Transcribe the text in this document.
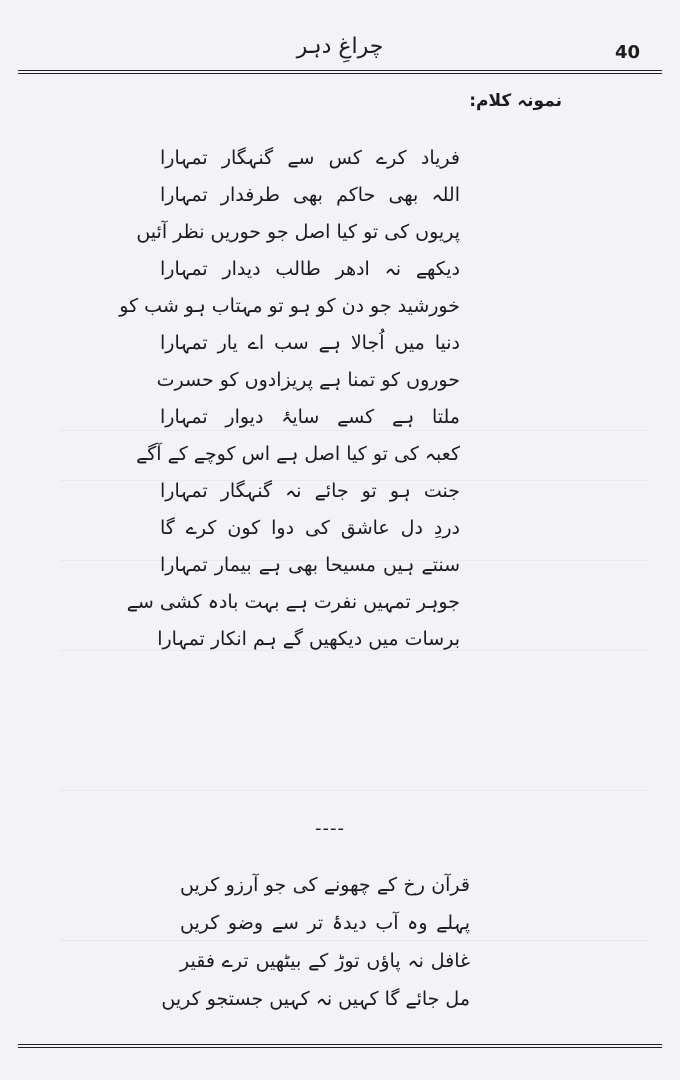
چراغِ دہر	40
نمونہ کلام:
فریاد کرے کس سے گنہگار تمہارا
اللہ بھی حاکم بھی طرفدار تمہارا
پریوں کی تو کیا اصل جو حوریں نظر آئیں
دیکھے نہ ادھر طالب دیدار تمہارا
خورشید جو دن کو ہو تو مہتاب ہو شب کو
دنیا میں اُجالا ہے سب اے یار تمہارا
حوروں کو تمنا ہے پریزادوں کو حسرت
ملتا ہے کسے سایۂ دیوار تمہارا
کعبہ کی تو کیا اصل ہے اس کوچے کے آگے
جنت ہو تو جائے نہ گنہگار تمہارا
دردِ دل عاشق کی دوا کون کرے گا
سنتے ہیں مسیحا بھی ہے بیمار تمہارا
جوہر تمہیں نفرت ہے بہت بادہ کشی سے
برسات میں دیکھیں گے ہم انکار تمہارا
----
قرآن رخ کے چھونے کی جو آرزو کریں
پہلے وہ آب دیدۂ تر سے وضو کریں
غافل نہ پاؤں توڑ کے بیٹھیں ترے فقیر
مل جائے گا کہیں نہ کہیں جستجو کریں
